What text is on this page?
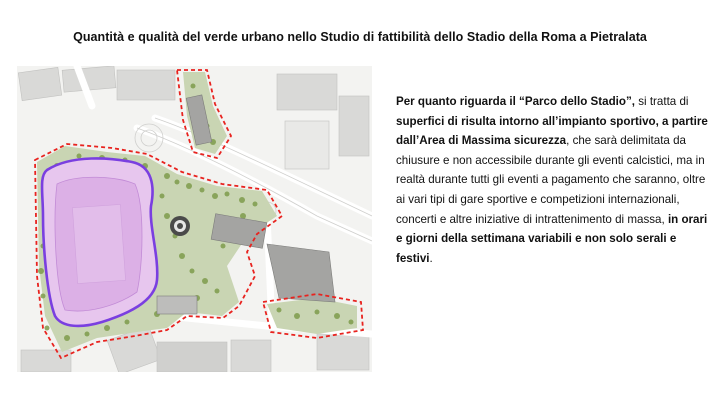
Quantità e qualità del verde urbano nello Studio di fattibilità dello Stadio della Roma a Pietralata
Per quanto riguarda il “Parco dello Stadio”, si tratta di superfici di risulta intorno all’impianto sportivo, a partire dall’Area di Massima sicurezza, che sarà delimitata da chiusure e non accessibile durante gli eventi calcistici, ma in realtà durante tutti gli eventi a pagamento che saranno, oltre ai vari tipi di gare sportive e competizioni internazionali, concerti e altre iniziative di intrattenimento di massa, in orari e giorni della settimana variabili e non solo serali e festivi.
